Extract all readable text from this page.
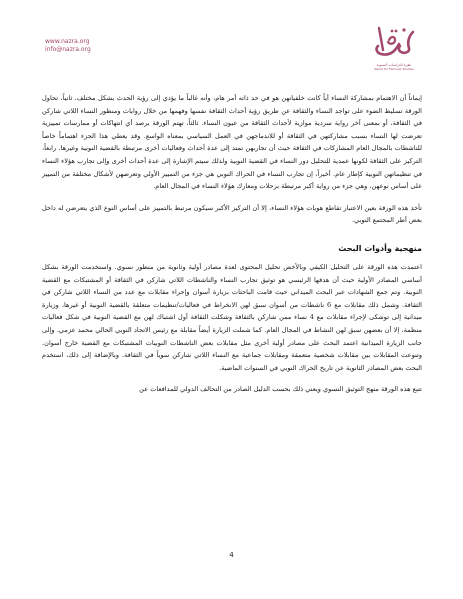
www.nazra.org
info@nazra.org
نظرة للدراسات النسوية
Nazra for Feminist Studies

إيماناً أن الاهتمام بمشاركة النساء أياً كانت خلفياتهن هو في حد ذاته أمر هام، وأنه غالباً ما يؤدي إلى رؤية الحدث بشكل مختلف. ثانياً، تحاول الورقة تسليط الضوء على تواجد النساء والثقافة عن طريق رؤية أحداث الثقافة نفسها وفهمها من خلال روايات ومنظور النساء اللاتي شاركن في الثقافة، أو بمعنى آخر رواية سردية موازية لأحداث الثقافة من عيون النساء. ثالثاً، تهتم الورقة برصد أي انتهاكات أو ممارسات تمييزية تعرضت لها النساء بسبب مشاركتهن في الثقافة أو للاندماجهن في العمل السياسي بمعناه الواسع. وقد يعطي هذا الجزء اهتماماً خاصاً للناشطات بالمجال العام المشاركات في الثقافة حيث أن تجاربهن تمتد إلى عدة أحداث وفعاليات أخرى مرتبطة بالقضية النوبية وغيرها. رابعاً، التركيز على الثقافة لكونها عمدية للتحليل دور النساء في القضية النوبية ولذلك سيتم الإشارة إلى عدة أحداث أخرى وإلى تجارب هؤلاء النساء في تنظيماتهن النوبية كإطار عام. أخيراً، إن تجارب النساء في الحراك النوبي هي جزء من التمييز الأولي وتعرضهن لأشكال مختلفة من التمييز على أساس نوعهن، وهي جزء من رواية أكبر مرتبطة برحلات ومعارك هؤلاء النساء في المجال العام.

تأخذ هذه الورقة بعين الاعتبار تقاطع هويات هؤلاء النساء، إلا أن التركيز الأكبر سيكون مرتبط بالتمييز على أساس النوع الذي يتعرضن له داخل بعض أطر المجتمع النوبي.

منهجية وأدوات البحث

اعتمدت هذه الورقة على التحليل الكيفي وبالأخص تحليل المحتوى لعدة مصادر أولية وثانوية من منظور نسوي. واستخدمت الورقة بشكل أساسي المصادر الأولية حيث أن هدفها الرئيسي هو توثيق تجارب النساء والناشطات اللاتي شاركن في الثقافة أو المشتبكات مع القضية النوبية. وتم جمع الشهادات عبر البحث الميداني حيث قامت الباحثات بزيارة أسوان وإجراء مقابلات مع عدد من النساء اللاتي شاركن في الثقافة. وشمل ذلك مقابلات مع 6 ناشطات من أسوان سبق لهن الانخراط في فعاليات/تنظيمات متعلقة بالقضية النوبية أو غيرها، وزيارة ميدانية إلى توشكى لإجراء مقابلات مع 4 نساء ممن شاركن بالثقافة وشكلت الثقافة أول اشتباك لهن مع القضية النوبية في شكل فعاليات منظمة، إلا أن بعضهن سبق لهن النشاط في المجال العام. كما شملت الزيارة أيضاً مقابلة مع رئيس الاتحاد النوبي الحالي محمد عزمي. وإلى جانب الزيارة الميدانية اعتمد البحث على مصادر أولية أخرى مثل مقابلات بعض الناشطات النوبيات المشتبكات مع القضية خارج أسوان. وتنوعت المقابلات بين مقابلات شخصية متعمقة ومقابلات جماعية مع النساء اللاتي شاركن سوياً في الثقافة. وبالإضافة إلى ذلك، استخدم البحث بعض المصادر الثانوية عن تاريخ الحراك النوبي في السنوات الماضية.

تتبع هذه الورقة منهج التوثيق النسوي ويعني ذلك بحسب الدليل الصادر من التحالف الدولي للمدافعات عن

4
